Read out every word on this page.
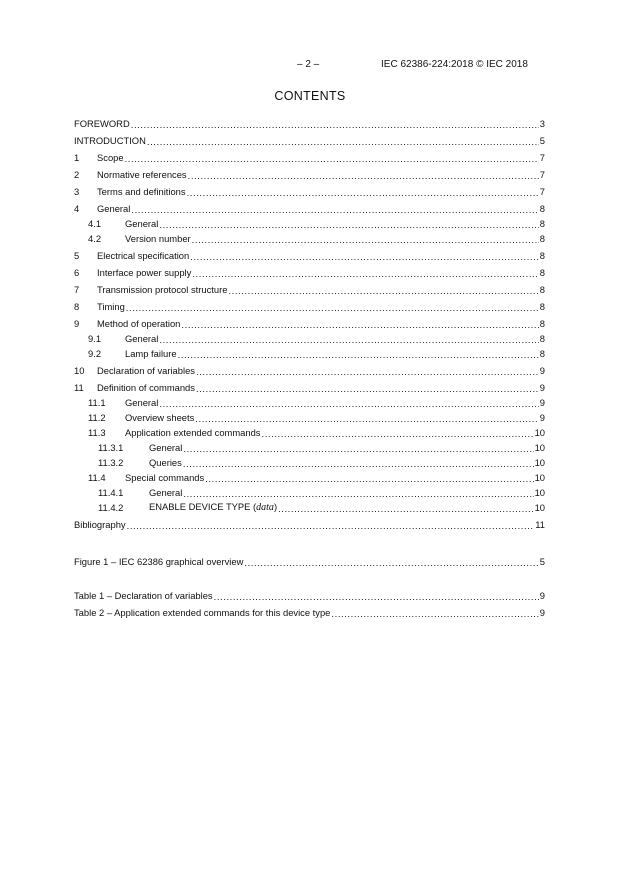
– 2 –	IEC 62386-224:2018 © IEC 2018
CONTENTS
FOREWORD .....	3
INTRODUCTION .....	5
1	Scope .....	7
2	Normative references .....	7
3	Terms and definitions .....	7
4	General .....	8
4.1	General .....	8
4.2	Version number .....	8
5	Electrical specification .....	8
6	Interface power supply .....	8
7	Transmission protocol structure .....	8
8	Timing .....	8
9	Method of operation .....	8
9.1	General .....	8
9.2	Lamp failure .....	8
10	Declaration of variables .....	9
11	Definition of commands .....	9
11.1	General .....	9
11.2	Overview sheets .....	9
11.3	Application extended commands .....	10
11.3.1	General .....	10
11.3.2	Queries .....	10
11.4	Special commands .....	10
11.4.1	General .....	10
11.4.2	ENABLE DEVICE TYPE (data) .....	10
Bibliography .....	11
Figure 1 – IEC 62386 graphical overview .....	5
Table 1 – Declaration of variables .....	9
Table 2 – Application extended commands for this device type .....	9
